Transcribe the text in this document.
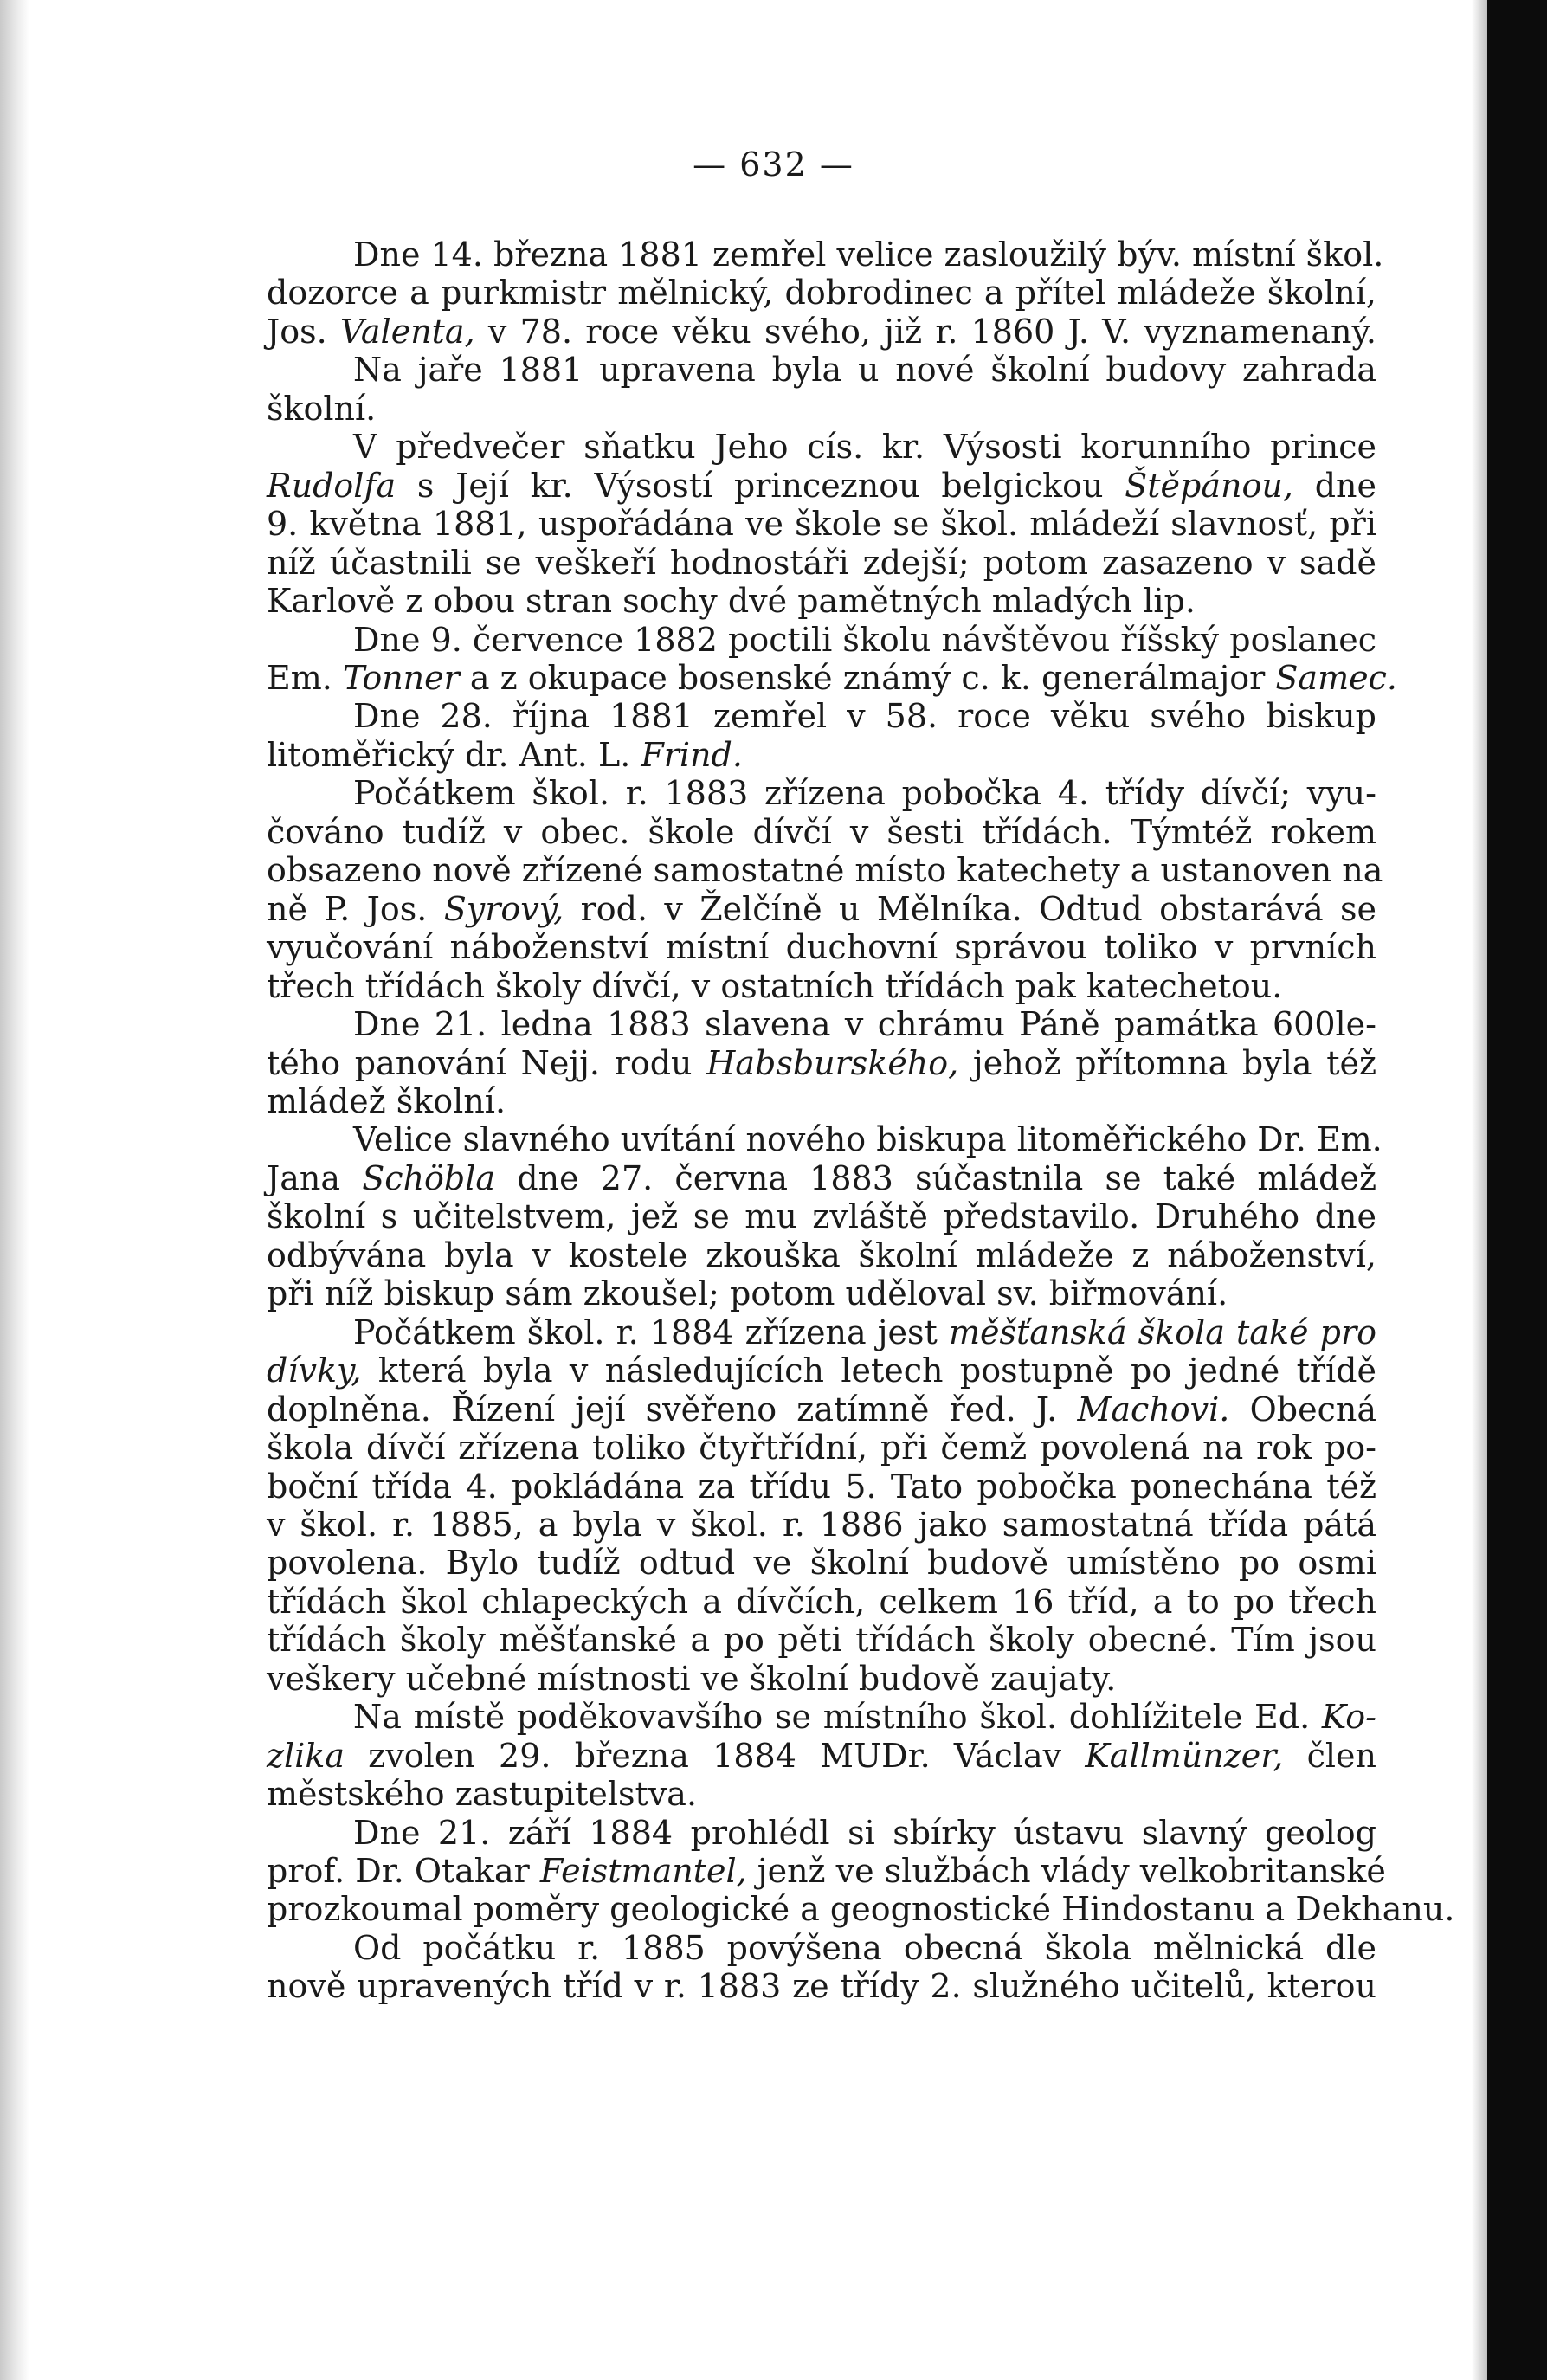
— 632 —
Dne 14. března 1881 zemřel velice zasloužilý býv. místní škol.
dozorce a purkmistr mělnický, dobrodinec a přítel mládeže školní,
Jos. Valenta, v 78. roce věku svého, již r. 1860 J. V. vyznamenaný.
Na jaře 1881 upravena byla u nové školní budovy zahrada
školní.
V předvečer sňatku Jeho cís. kr. Výsosti korunního prince
Rudolfa s Její kr. Výsostí princeznou belgickou Štěpánou, dne
9. května 1881, uspořádána ve škole se škol. mládeží slavnosť, při
níž účastnili se veškeří hodnostáři zdejší; potom zasazeno v sadě
Karlově z obou stran sochy dvé pamětných mladých lip.
Dne 9. července 1882 poctili školu návštěvou říšský poslanec
Em. Tonner a z okupace bosenské známý c. k. generálmajor Samec.
Dne 28. října 1881 zemřel v 58. roce věku svého biskup
litoměřický dr. Ant. L. Frind.
Počátkem škol. r. 1883 zřízena pobočka 4. třídy dívčí; vyu-
čováno tudíž v obec. škole dívčí v šesti třídách. Týmtéž rokem
obsazeno nově zřízené samostatné místo katechety a ustanoven na
ně P. Jos. Syrový, rod. v Želčíně u Mělníka. Odtud obstarává se
vyučování náboženství místní duchovní správou toliko v prvních
třech třídách školy dívčí, v ostatních třídách pak katechetou.
Dne 21. ledna 1883 slavena v chrámu Páně památka 600le-
tého panování Nejj. rodu Habsburského, jehož přítomna byla též
mládež školní.
Velice slavného uvítání nového biskupa litoměřického Dr. Em.
Jana Schöbla dne 27. června 1883 súčastnila se také mládež
školní s učitelstvem, jež se mu zvláště představilo. Druhého dne
odbývána byla v kostele zkouška školní mládeže z náboženství,
při níž biskup sám zkoušel; potom uděloval sv. biřmování.
Počátkem škol. r. 1884 zřízena jest měšťanská škola také pro
dívky, která byla v následujících letech postupně po jedné třídě
doplněna. Řízení její svěřeno zatímně řed. J. Machovi. Obecná
škola dívčí zřízena toliko čtyřtřídní, při čemž povolená na rok po-
boční třída 4. pokládána za třídu 5. Tato pobočka ponechána též
v škol. r. 1885, a byla v škol. r. 1886 jako samostatná třída pátá
povolena. Bylo tudíž odtud ve školní budově umístěno po osmi
třídách škol chlapeckých a dívčích, celkem 16 tříd, a to po třech
třídách školy měšťanské a po pěti třídách školy obecné. Tím jsou
veškery učebné místnosti ve školní budově zaujaty.
Na místě poděkovavšího se místního škol. dohlížitele Ed. Ko-
zlika zvolen 29. března 1884 MUDr. Václav Kallmünzer, člen
městského zastupitelstva.
Dne 21. září 1884 prohlédl si sbírky ústavu slavný geolog
prof. Dr. Otakar Feistmantel, jenž ve službách vlády velkobritanské
prozkoumal poměry geologické a geognostické Hindostanu a Dekhanu.
Od počátku r. 1885 povýšena obecná škola mělnická dle
nově upravených tříd v r. 1883 ze třídy 2. služného učitelů, kterou
